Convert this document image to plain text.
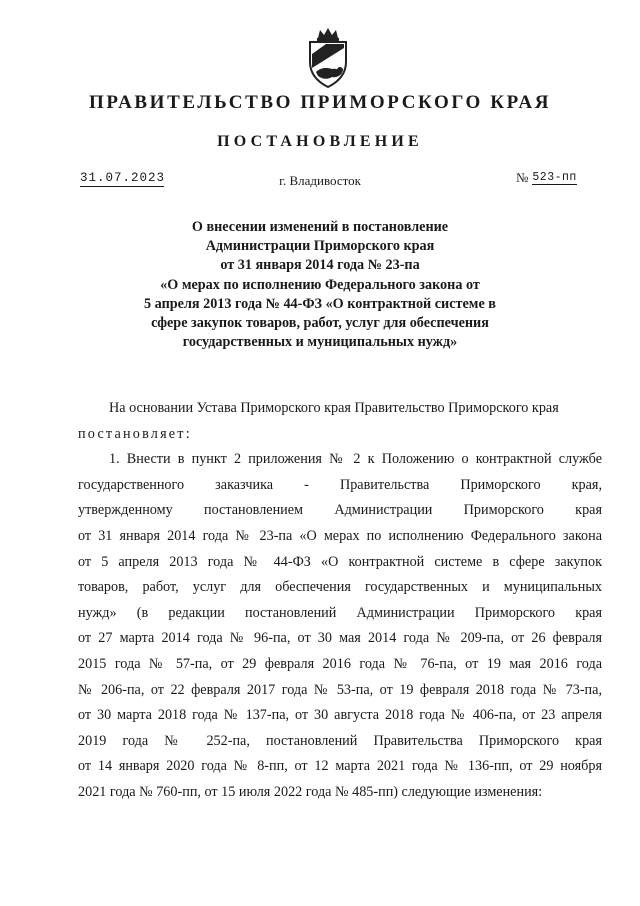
ПРАВИТЕЛЬСТВО ПРИМОРСКОГО КРАЯ
ПОСТАНОВЛЕНИЕ
31.07.2023	г. Владивосток	№ 523-пп
О внесении изменений в постановление
Администрации Приморского края
от 31 января 2014 года № 23-па
«О мерах по исполнению Федерального закона от
5 апреля 2013 года № 44-ФЗ «О контрактной системе в
сфере закупок товаров, работ, услуг для обеспечения
государственных и муниципальных нужд»

На основании Устава Приморского края Правительство Приморского края

постановляет:

1. Внести в пункт 2 приложения № 2 к Положению о контрактной службе
государственного заказчика - Правительства Приморского края,
утвержденному постановлением Администрации Приморского края
от 31 января 2014 года № 23-па «О мерах по исполнению Федерального закона
от 5 апреля 2013 года № 44-ФЗ «О контрактной системе в сфере закупок
товаров, работ, услуг для обеспечения государственных и муниципальных
нужд» (в редакции постановлений Администрации Приморского края
от 27 марта 2014 года № 96-па, от 30 мая 2014 года № 209-па, от 26 февраля
2015 года № 57-па, от 29 февраля 2016 года № 76-па, от 19 мая 2016 года
№ 206-па, от 22 февраля 2017 года № 53-па, от 19 февраля 2018 года № 73-па,
от 30 марта 2018 года № 137-па, от 30 августа 2018 года № 406-па, от 23 апреля
2019 года № 252-па, постановлений Правительства Приморского края
от 14 января 2020 года № 8-пп, от 12 марта 2021 года № 136-пп, от 29 ноября
2021 года № 760-пп, от 15 июля 2022 года № 485-пп) следующие изменения:
